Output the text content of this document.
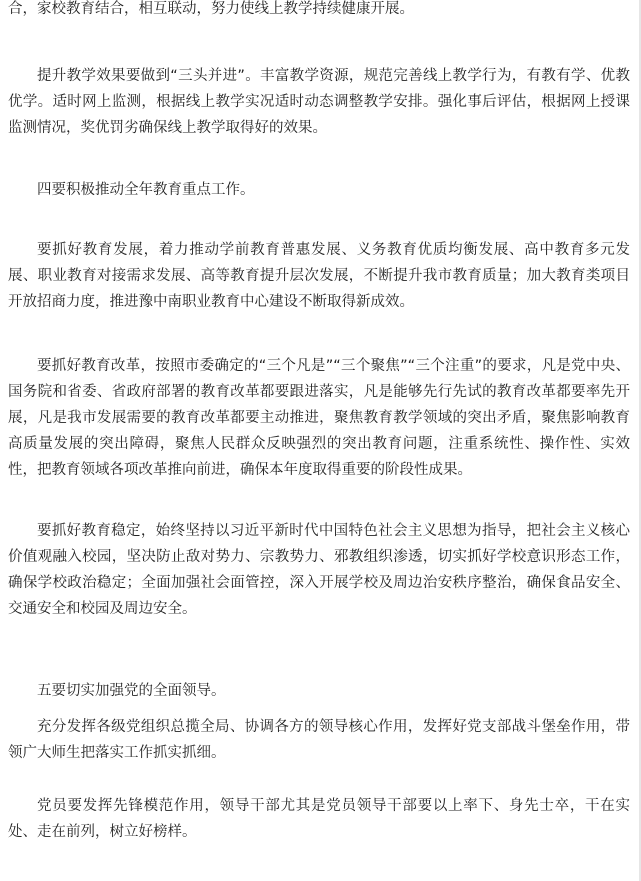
合，家校教育结合，相互联动，努力使线上教学持续健康开展。

提升教学效果要做到“三头并进”。丰富教学资源，规范完善线上教学行为，有教有学、优教优学。适时网上监测，根据线上教学实况适时动态调整教学安排。强化事后评估，根据网上授课监测情况，奖优罚劣确保线上教学取得好的效果。

四要积极推动全年教育重点工作。

要抓好教育发展，着力推动学前教育普惠发展、义务教育优质均衡发展、高中教育多元发展、职业教育对接需求发展、高等教育提升层次发展，不断提升我市教育质量；加大教育类项目开放招商力度，推进豫中南职业教育中心建设不断取得新成效。

要抓好教育改革，按照市委确定的“三个凡是”“三个聚焦”“三个注重”的要求，凡是党中央、国务院和省委、省政府部署的教育改革都要跟进落实，凡是能够先行先试的教育改革都要率先开展，凡是我市发展需要的教育改革都要主动推进，聚焦教育教学领域的突出矛盾，聚焦影响教育高质量发展的突出障碍，聚焦人民群众反映强烈的突出教育问题，注重系统性、操作性、实效性，把教育领域各项改革推向前进，确保本年度取得重要的阶段性成果。

要抓好教育稳定，始终坚持以习近平新时代中国特色社会主义思想为指导，把社会主义核心价值观融入校园，坚决防止敌对势力、宗教势力、邪教组织渗透，切实抓好学校意识形态工作，确保学校政治稳定；全面加强社会面管控，深入开展学校及周边治安秩序整治，确保食品安全、交通安全和校园及周边安全。

五要切实加强党的全面领导。

充分发挥各级党组织总揽全局、协调各方的领导核心作用，发挥好党支部战斗堡垒作用，带领广大师生把落实工作抓实抓细。

党员要发挥先锋模范作用，领导干部尤其是党员领导干部要以上率下、身先士卒，干在实处、走在前列，树立好榜样。
